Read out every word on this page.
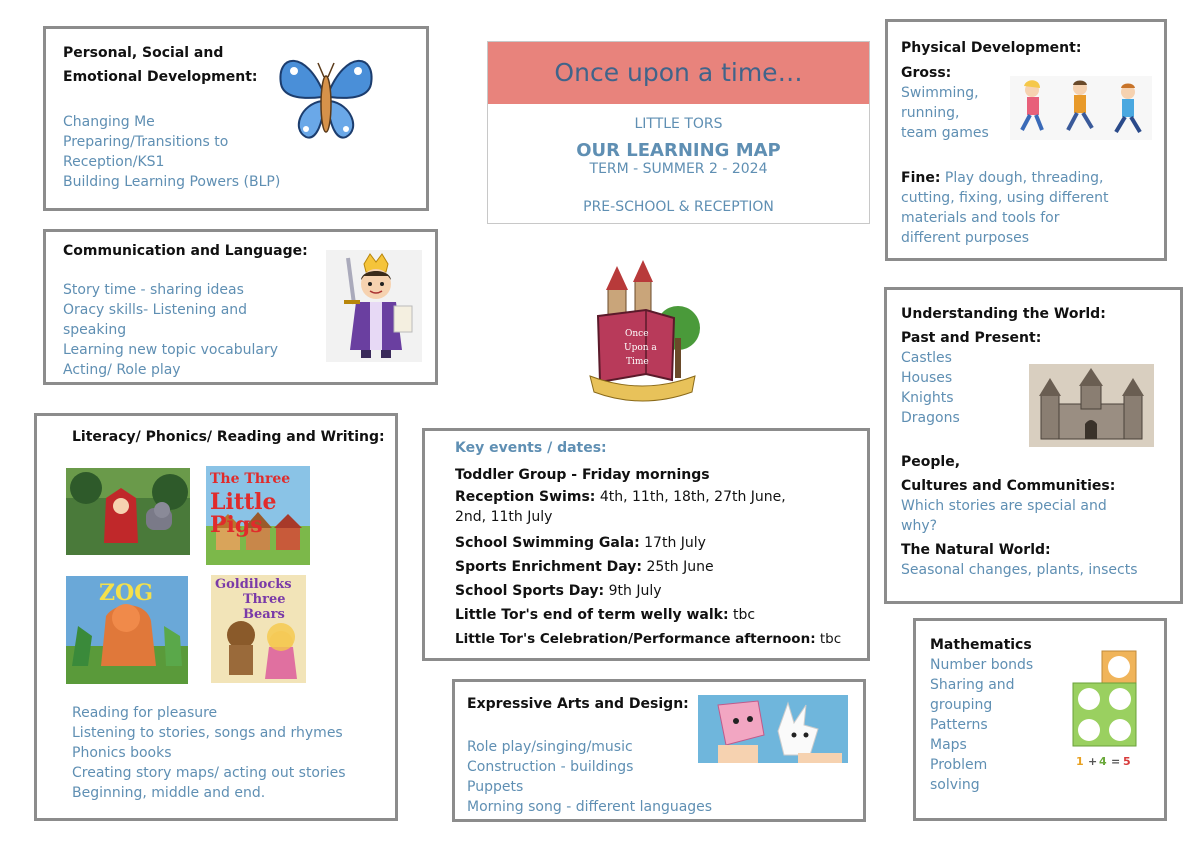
Personal, Social and
Emotional Development:
Changing Me
Preparing/Transitions to
Reception/KS1
Building Learning Powers (BLP)
Communication and Language:
Story time - sharing ideas
Oracy skills- Listening and
speaking
Learning new topic vocabulary
Acting/ Role play
Literacy/ Phonics/ Reading and Writing:
The Three
Little Pigs
ZOG	Goldilocks
Three Bears
Reading for pleasure
Listening to stories, songs and rhymes
Phonics books
Creating story maps/ acting out stories
Beginning, middle and end.
Once upon a time…
LITTLE TORS
OUR LEARNING MAP
TERM - SUMMER 2 - 2024
PRE-SCHOOL & RECEPTION
Once
Upon a
Time
Key events / dates:
Toddler Group - Friday mornings
Reception Swims: 4th, 11th, 18th, 27th June,
2nd, 11th July
School Swimming Gala: 17th July
Sports Enrichment Day: 25th June
School Sports Day: 9th July
Little Tor's end of term welly walk: tbc
Little Tor's Celebration/Performance afternoon: tbc
Expressive Arts and Design:
Role play/singing/music
Construction - buildings
Puppets
Morning song - different languages
Physical Development:
Gross:
Swimming,
running,
team games
Fine: Play dough, threading,
cutting, fixing, using different
materials and tools for
different purposes
Understanding the World:
Past and Present:
Castles
Houses
Knights
Dragons
People,
Cultures and Communities:
Which stories are special and
why?
The Natural World:
Seasonal changes, plants, insects
Mathematics
Number bonds
Sharing and
grouping
Patterns
Maps
Problem
solving
1 + 4 = 5
